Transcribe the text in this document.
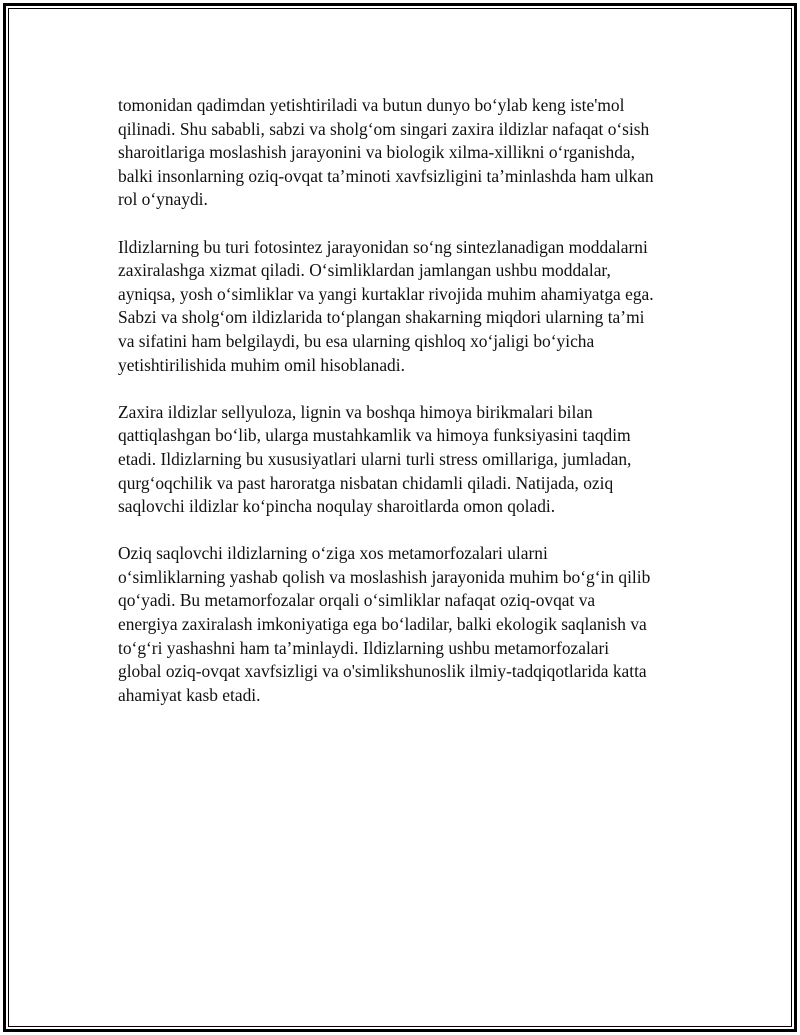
tomonidan qadimdan yetishtiriladi va butun dunyo bo‘ylab keng iste'mol
qilinadi. Shu sababli, sabzi va sholg‘om singari zaxira ildizlar nafaqat o‘sish
sharoitlariga moslashish jarayonini va biologik xilma-xillikni o‘rganishda,
balki insonlarning oziq-ovqat ta’minoti xavfsizligini ta’minlashda ham ulkan
rol o‘ynaydi.

Ildizlarning bu turi fotosintez jarayonidan so‘ng sintezlanadigan moddalarni
zaxiralashga xizmat qiladi. O‘simliklardan jamlangan ushbu moddalar,
ayniqsa, yosh o‘simliklar va yangi kurtaklar rivojida muhim ahamiyatga ega.
Sabzi va sholg‘om ildizlarida to‘plangan shakarning miqdori ularning ta’mi
va sifatini ham belgilaydi, bu esa ularning qishloq xo‘jaligi bo‘yicha
yetishtirilishida muhim omil hisoblanadi.

Zaxira ildizlar sellyuloza, lignin va boshqa himoya birikmalari bilan
qattiqlashgan bo‘lib, ularga mustahkamlik va himoya funksiyasini taqdim
etadi. Ildizlarning bu xususiyatlari ularni turli stress omillariga, jumladan,
qurg‘oqchilik va past haroratga nisbatan chidamli qiladi. Natijada, oziq
saqlovchi ildizlar ko‘pincha noqulay sharoitlarda omon qoladi.

Oziq saqlovchi ildizlarning o‘ziga xos metamorfozalari ularni
o‘simliklarning yashab qolish va moslashish jarayonida muhim bo‘g‘in qilib
qo‘yadi. Bu metamorfozalar orqali o‘simliklar nafaqat oziq-ovqat va
energiya zaxiralash imkoniyatiga ega bo‘ladilar, balki ekologik saqlanish va
to‘g‘ri yashashni ham ta’minlaydi. Ildizlarning ushbu metamorfozalari
global oziq-ovqat xavfsizligi va o'simlikshunoslik ilmiy-tadqiqotlarida katta
ahamiyat kasb etadi.
